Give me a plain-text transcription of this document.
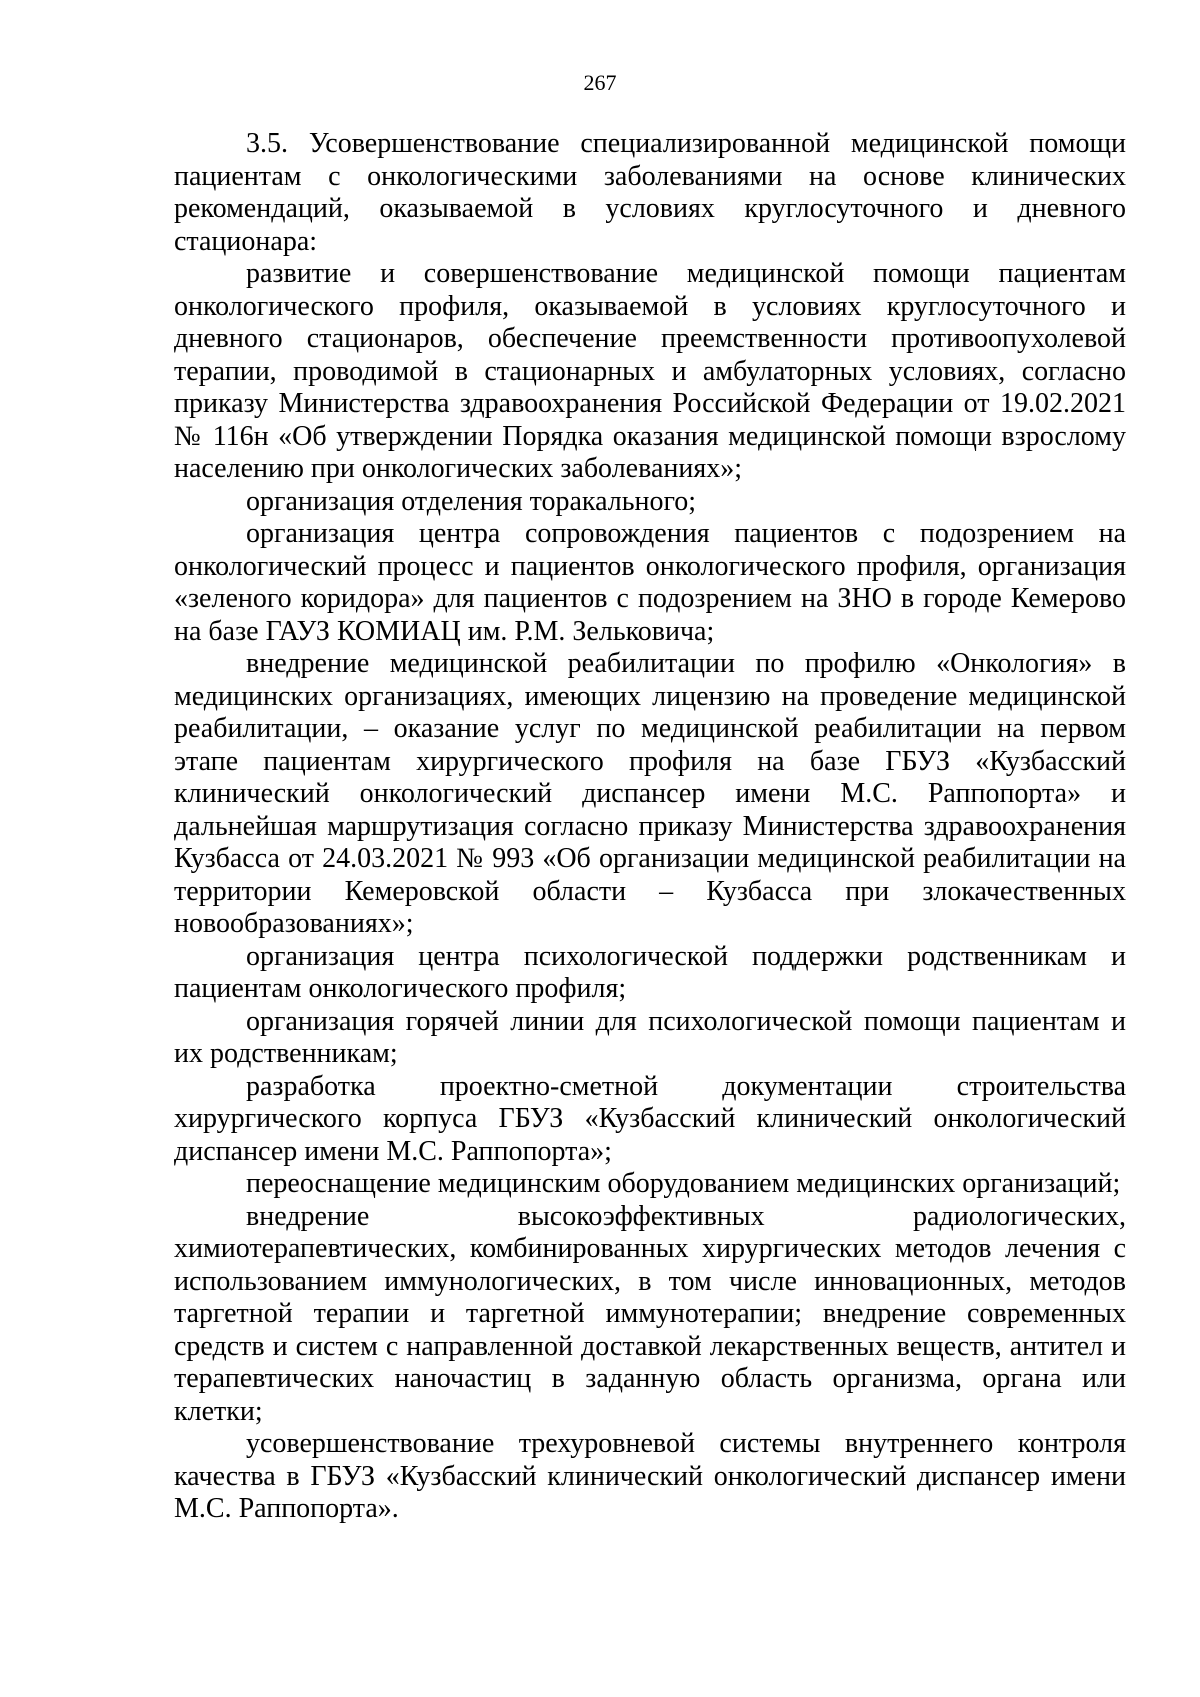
267

3.5. Усовершенствование специализированной медицинской помощи пациентам с онкологическими заболеваниями на основе клинических рекомендаций, оказываемой в условиях круглосуточного и дневного стационара:

развитие и совершенствование медицинской помощи пациентам онкологического профиля, оказываемой в условиях круглосуточного и дневного стационаров, обеспечение преемственности противоопухолевой терапии, проводимой в стационарных и амбулаторных условиях, согласно приказу Министерства здравоохранения Российской Федерации от 19.02.2021 № 116н «Об утверждении Порядка оказания медицинской помощи взрослому населению при онкологических заболеваниях»;

организация отделения торакального;

организация центра сопровождения пациентов с подозрением на онкологический процесс и пациентов онкологического профиля, организация «зеленого коридора» для пациентов с подозрением на ЗНО в городе Кемерово на базе ГАУЗ КОМИАЦ им. Р.М. Зельковича;

внедрение медицинской реабилитации по профилю «Онкология» в медицинских организациях, имеющих лицензию на проведение медицинской реабилитации, – оказание услуг по медицинской реабилитации на первом этапе пациентам хирургического профиля на базе ГБУЗ «Кузбасский клинический онкологический диспансер имени М.С. Раппопорта» и дальнейшая маршрутизация согласно приказу Министерства здравоохранения Кузбасса от 24.03.2021 № 993 «Об организации медицинской реабилитации на территории Кемеровской области – Кузбасса при злокачественных новообразованиях»;

организация центра психологической поддержки родственникам и пациентам онкологического профиля;

организация горячей линии для психологической помощи пациентам и их родственникам;

разработка проектно-сметной документации строительства хирургического корпуса ГБУЗ «Кузбасский клинический онкологический диспансер имени М.С. Раппопорта»;

переоснащение медицинским оборудованием медицинских организаций;

внедрение высокоэффективных радиологических, химиотерапевтических, комбинированных хирургических методов лечения с использованием иммунологических, в том числе инновационных, методов таргетной терапии и таргетной иммунотерапии; внедрение современных средств и систем с направленной доставкой лекарственных веществ, антител и терапевтических наночастиц в заданную область организма, органа или клетки;

усовершенствование трехуровневой системы внутреннего контроля качества в ГБУЗ «Кузбасский клинический онкологический диспансер имени М.С. Раппопорта».
